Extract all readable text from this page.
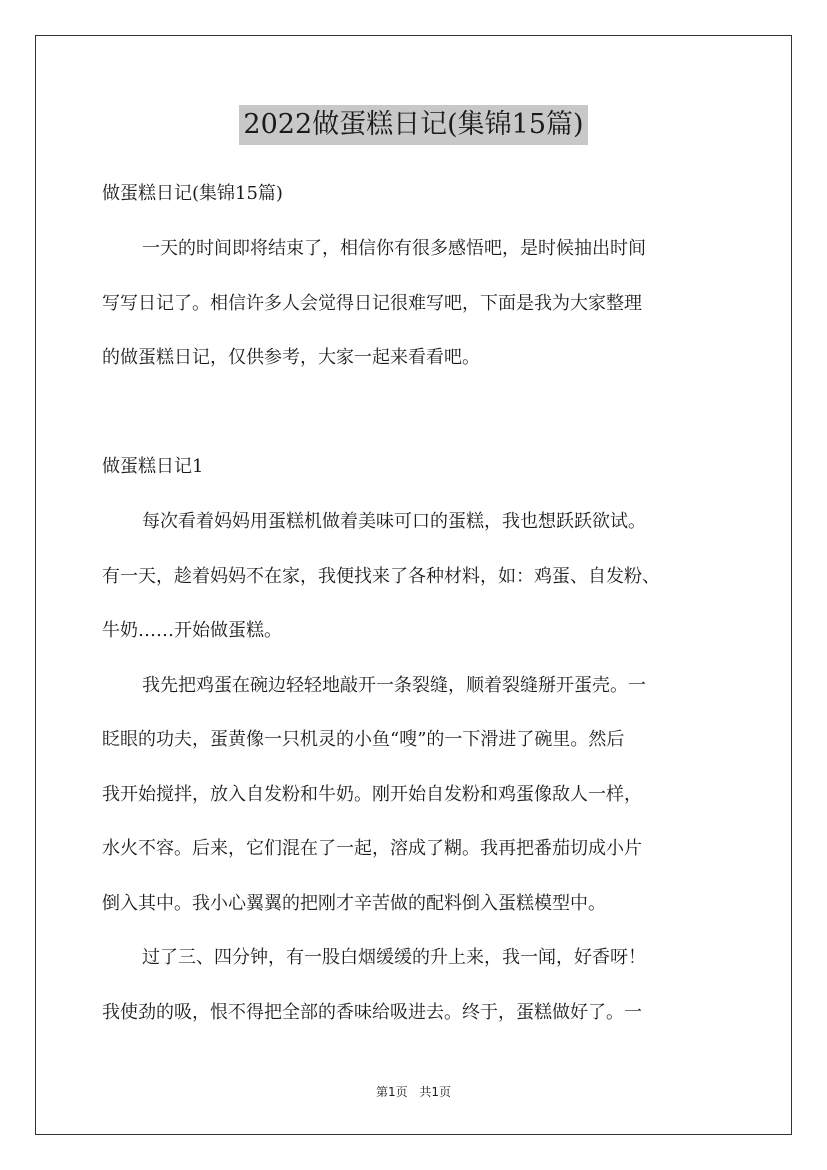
2022做蛋糕日记(集锦15篇)

做蛋糕日记(集锦15篇)

一天的时间即将结束了，相信你有很多感悟吧，是时候抽出时间

写写日记了。相信许多人会觉得日记很难写吧，下面是我为大家整理

的做蛋糕日记，仅供参考，大家一起来看看吧。

做蛋糕日记1

每次看着妈妈用蛋糕机做着美味可口的蛋糕，我也想跃跃欲试。

有一天，趁着妈妈不在家，我便找来了各种材料，如：鸡蛋、自发粉、

牛奶……开始做蛋糕。

我先把鸡蛋在碗边轻轻地敲开一条裂缝，顺着裂缝掰开蛋壳。一

眨眼的功夫，蛋黄像一只机灵的小鱼“嗖”的一下滑进了碗里。然后

我开始搅拌，放入自发粉和牛奶。刚开始自发粉和鸡蛋像敌人一样，

水火不容。后来，它们混在了一起，溶成了糊。我再把番茄切成小片

倒入其中。我小心翼翼的把刚才辛苦做的配料倒入蛋糕模型中。

过了三、四分钟，有一股白烟缓缓的升上来，我一闻，好香呀！

我使劲的吸，恨不得把全部的香味给吸进去。终于，蛋糕做好了。一

第1页 共1页
